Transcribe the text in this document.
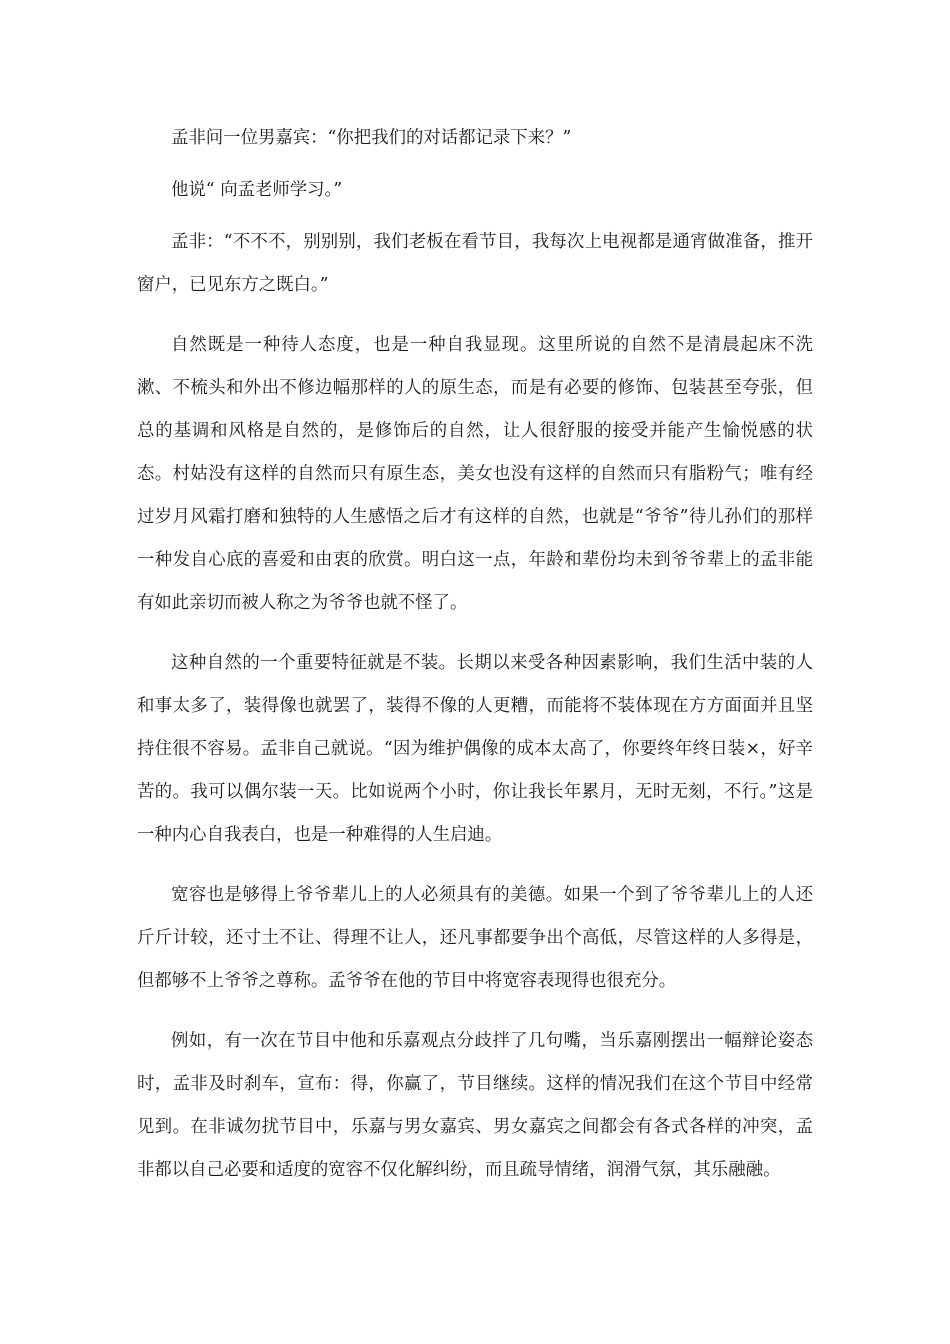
孟非问一位男嘉宾：“你把我们的对话都记录下来？”

他说“ 向孟老师学习。”

孟非：“不不不，别别别，我们老板在看节目，我每次上电视都是通宵做准备，推开窗户，已见东方之既白。”

自然既是一种待人态度，也是一种自我显现。这里所说的自然不是清晨起床不洗漱、不梳头和外出不修边幅那样的人的原生态，而是有必要的修饰、包装甚至夸张，但总的基调和风格是自然的，是修饰后的自然，让人很舒服的接受并能产生愉悦感的状态。村姑没有这样的自然而只有原生态，美女也没有这样的自然而只有脂粉气；唯有经过岁月风霜打磨和独特的人生感悟之后才有这样的自然，也就是“爷爷”待儿孙们的那样一种发自心底的喜爱和由衷的欣赏。明白这一点，年龄和辈份均未到爷爷辈上的孟非能有如此亲切而被人称之为爷爷也就不怪了。

这种自然的一个重要特征就是不装。长期以来受各种因素影响，我们生活中装的人和事太多了，装得像也就罢了，装得不像的人更糟，而能将不装体现在方方面面并且坚持住很不容易。孟非自己就说。“因为维护偶像的成本太高了，你要终年终日装×，好辛苦的。我可以偶尔装一天。比如说两个小时，你让我长年累月，无时无刻，不行。”这是一种内心自我表白，也是一种难得的人生启迪。

宽容也是够得上爷爷辈儿上的人必须具有的美德。如果一个到了爷爷辈儿上的人还斤斤计较，还寸土不让、得理不让人，还凡事都要争出个高低，尽管这样的人多得是，但都够不上爷爷之尊称。孟爷爷在他的节目中将宽容表现得也很充分。

例如，有一次在节目中他和乐嘉观点分歧拌了几句嘴，当乐嘉刚摆出一幅辩论姿态时，孟非及时刹车，宣布：得，你赢了，节目继续。这样的情况我们在这个节目中经常见到。在非诚勿扰节目中，乐嘉与男女嘉宾、男女嘉宾之间都会有各式各样的冲突，孟非都以自己必要和适度的宽容不仅化解纠纷，而且疏导情绪，润滑气氛，其乐融融。
